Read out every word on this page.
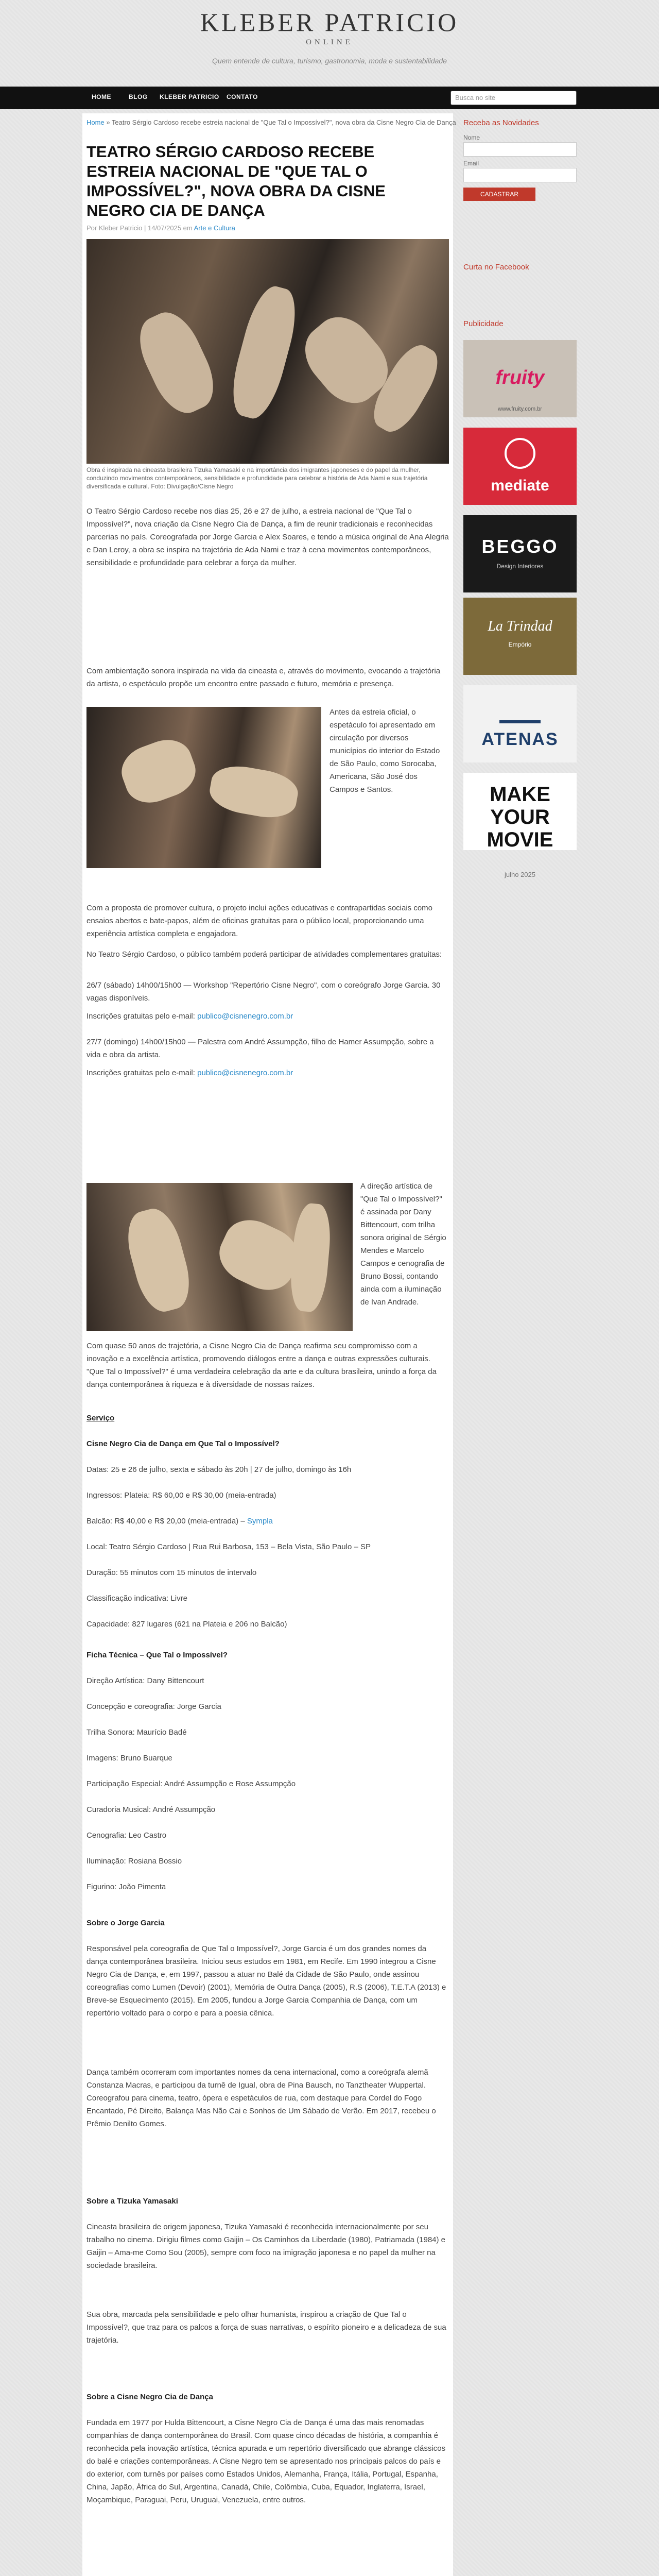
KLEBER PATRICIO
ONLINE
Quem entende de cultura, turismo, gastronomia, moda e sustentabilidade
HOME	BLOG KLEBER PATRICIO CONTATO	Busca no site
Home » Teatro Sérgio Cardoso recebe estreia nacional de "Que Tal o Impossível?", nova obra da Cisne Negro Cia de Dança
TEATRO SÉRGIO CARDOSO RECEBE ESTREIA NACIONAL DE "QUE TAL O IMPOSSÍVEL?", NOVA OBRA DA CISNE NEGRO CIA DE DANÇA
Por Kleber Patricio | 14/07/2025 em Arte e Cultura
Obra é inspirada na cineasta brasileira Tizuka Yamasaki e na importância dos imigrantes japoneses e do papel da mulher, conduzindo movimentos contemporâneos, sensibilidade e profundidade para celebrar a história de Ada Nami e sua trajetória diversificada e cultural. Foto: Divulgação/Cisne Negro

O Teatro Sérgio Cardoso recebe nos dias 25, 26 e 27 de julho, a estreia nacional de "Que Tal o Impossível?", nova criação da Cisne Negro Cia de Dança, a fim de reunir tradicionais e reconhecidas parcerias no país. Coreografada por Jorge Garcia e Alex Soares, e tendo a música original de Ana Alegria e Dan Leroy, a obra se inspira na trajetória de Ada Nami e traz à cena movimentos contemporâneos, sensibilidade e profundidade para celebrar a força da mulher.

Com ambientação sonora inspirada na vida da cineasta e, através do movimento, evocando a trajetória da artista, o espetáculo propõe um encontro entre passado e futuro, memória e presença.

Antes da estreia oficial, o espetáculo foi apresentado em circulação por diversos municípios do interior do Estado de São Paulo, como Sorocaba, Americana, São José dos Campos e Santos.

Com a proposta de promover cultura, o projeto inclui ações educativas e contrapartidas sociais como ensaios abertos e bate-papos, além de oficinas gratuitas para o público local, proporcionando uma experiência artística completa e engajadora.

No Teatro Sérgio Cardoso, o público também poderá participar de atividades complementares gratuitas:

26/7 (sábado) 14h00/15h00 — Workshop "Repertório Cisne Negro", com o coreógrafo Jorge Garcia. 30 vagas disponíveis.

Inscrições gratuitas pelo e-mail: publico@cisnenegro.com.br

27/7 (domingo) 14h00/15h00 — Palestra com André Assumpção, filho de Hamer Assumpção, sobre a vida e obra da artista.

Inscrições gratuitas pelo e-mail: publico@cisnenegro.com.br

A direção artística de "Que Tal o Impossível?" é assinada por Dany Bittencourt, com trilha sonora original de Sérgio Mendes e Marcelo Campos e cenografia de Bruno Bossi, contando ainda com a iluminação de Ivan Andrade.

Com quase 50 anos de trajetória, a Cisne Negro Cia de Dança reafirma seu compromisso com a inovação e a excelência artística, promovendo diálogos entre a dança e outras expressões culturais. "Que Tal o Impossível?" é uma verdadeira celebração da arte e da cultura brasileira, unindo a força da dança contemporânea à riqueza e à diversidade de nossas raízes.

Serviço

Cisne Negro Cia de Dança em Que Tal o Impossível?

Datas: 25 e 26 de julho, sexta e sábado às 20h | 27 de julho, domingo às 16h

Ingressos: Plateia: R$ 60,00 e R$ 30,00 (meia-entrada)

Balcão: R$ 40,00 e R$ 20,00 (meia-entrada) – Sympla

Local: Teatro Sérgio Cardoso | Rua Rui Barbosa, 153 – Bela Vista, São Paulo – SP

Duração: 55 minutos com 15 minutos de intervalo

Classificação indicativa: Livre

Capacidade: 827 lugares (621 na Plateia e 206 no Balcão)

Ficha Técnica – Que Tal o Impossível?

Direção Artística: Dany Bittencourt

Concepção e coreografia: Jorge Garcia

Trilha Sonora: Maurício Badé

Imagens: Bruno Buarque

Participação Especial: André Assumpção e Rose Assumpção

Curadoria Musical: André Assumpção

Cenografia: Leo Castro

Iluminação: Rosiana Bossio

Figurino: João Pimenta

Sobre o Jorge Garcia

Responsável pela coreografia de Que Tal o Impossível?, Jorge Garcia é um dos grandes nomes da dança contemporânea brasileira. Iniciou seus estudos em 1981, em Recife. Em 1990 integrou a Cisne Negro Cia de Dança, e, em 1997, passou a atuar no Balé da Cidade de São Paulo, onde assinou coreografias como Lumen (Devoir) (2001), Memória de Outra Dança (2005), R.S (2006), T.E.T.A (2013) e Breve-se Esquecimento (2015). Em 2005, fundou a Jorge Garcia Companhia de Dança, com um repertório voltado para o corpo e para a poesia cênica.

Dança também ocorreram com importantes nomes da cena internacional, como a coreógrafa alemã Constanza Macras, e participou da turnê de Igual, obra de Pina Bausch, no Tanztheater Wuppertal. Coreografou para cinema, teatro, ópera e espetáculos de rua, com destaque para Cordel do Fogo Encantado, Pé Direito, Balança Mas Não Cai e Sonhos de Um Sábado de Verão. Em 2017, recebeu o Prêmio Denilto Gomes.

Sobre a Tizuka Yamasaki

Cineasta brasileira de origem japonesa, Tizuka Yamasaki é reconhecida internacionalmente por seu trabalho no cinema. Dirigiu filmes como Gaijin – Os Caminhos da Liberdade (1980), Patriamada (1984) e Gaijin – Ama-me Como Sou (2005), sempre com foco na imigração japonesa e no papel da mulher na sociedade brasileira.

Sua obra, marcada pela sensibilidade e pelo olhar humanista, inspirou a criação de Que Tal o Impossível?, que traz para os palcos a força de suas narrativas, o espírito pioneiro e a delicadeza de sua trajetória.

Sobre a Cisne Negro Cia de Dança

Fundada em 1977 por Hulda Bittencourt, a Cisne Negro Cia de Dança é uma das mais renomadas companhias de dança contemporânea do Brasil. Com quase cinco décadas de história, a companhia é reconhecida pela inovação artística, técnica apurada e um repertório diversificado que abrange clássicos do balé e criações contemporâneas. A Cisne Negro tem se apresentado nos principais palcos do país e do exterior, com turnês por países como Estados Unidos, Alemanha, França, Itália, Portugal, Espanha, China, Japão, África do Sul, Argentina, Canadá, Chile, Colômbia, Cuba, Equador, Inglaterra, Israel, Moçambique, Paraguai, Peru, Uruguai, Venezuela, entre outros.

Receba as Novidades
Nome
Email
CADASTRAR
Curta no Facebook
Publicidade
fruity
www.fruity.com.br
mediate
BEGGO
Design Interiores
La Trindad
Empório
ATENAS
MAKE YOUR MOVIE
julho 2025
